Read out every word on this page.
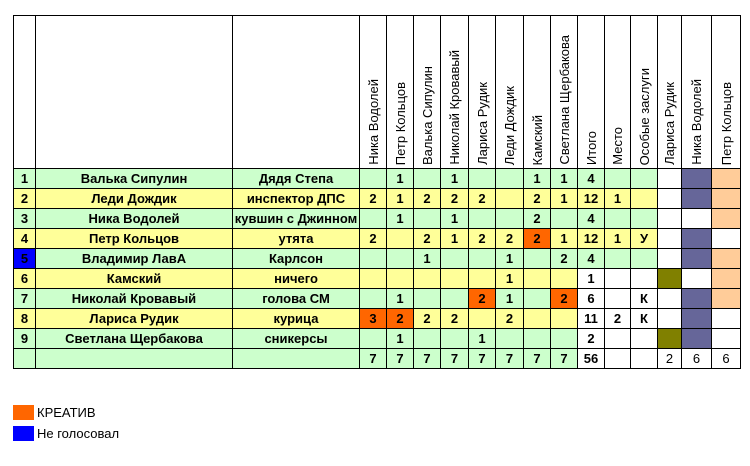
			Ника Водолей	Петр Кольцов	Валька Сипулин	Николай Кровавый	Лариса Рудик	Леди Дождик	Камский	Светлана Щербакова	Итого	Место	Особые заслуги	Лариса Рудик	Ника Водолей	Петр Кольцов
1	Валька Сипулин	Дядя Степа		1		1			1	1	4					
2	Леди Дождик	инспектор ДПС	2	1	2	2	2		2	1	12	1				
3	Ника Водолей	кувшин с Джинном		1		1			2		4					
4	Петр Кольцов	утята	2		2	1	2	2	2	1	12	1	У			
5	Владимир ЛавА	Карлсон			1			1		2	4					
6	Камский	ничего						1			1					
7	Николай Кровавый	голова СМ		1			2	1		2	6		К			
8	Лариса Рудик	курица	3	2	2	2		2			11	2	К			
9	Светлана Щербакова	сникерсы		1			1				2					
			7	7	7	7	7	7	7	7	56			2	6	6
КРЕАТИВ
Не голосовал
